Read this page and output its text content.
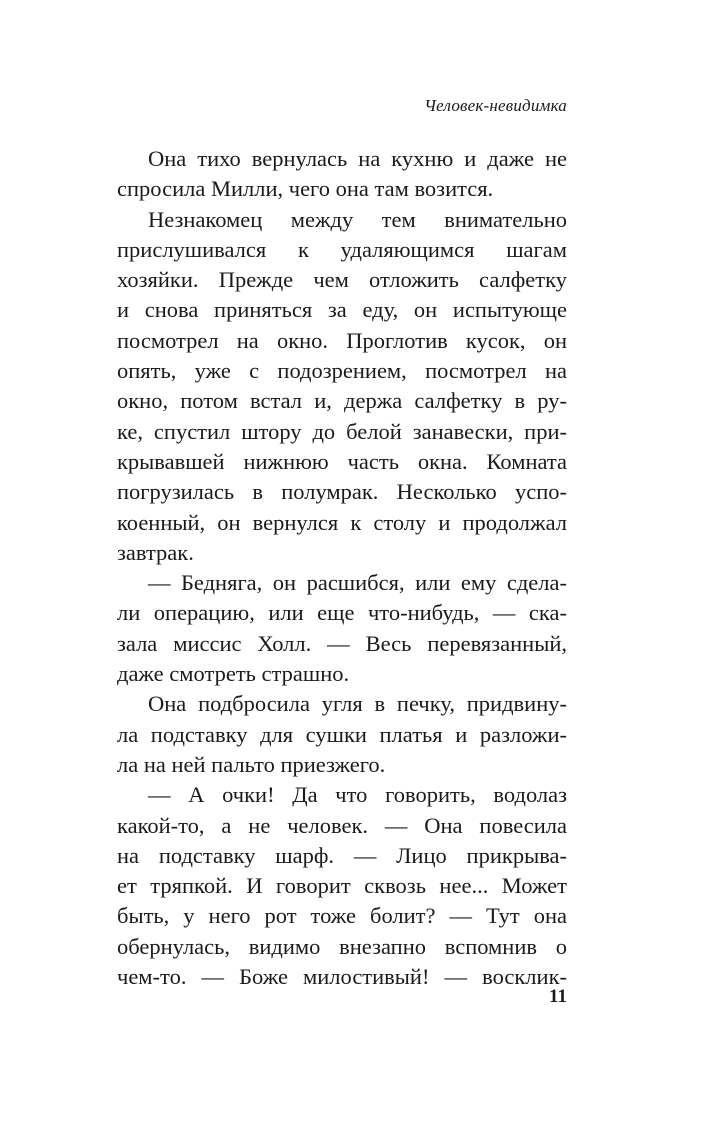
Человек-невидимка
Она тихо вернулась на кухню и даже не
спросила Милли, чего она там возится.
Незнакомец между тем внимательно
прислушивался к удаляющимся шагам
хозяйки. Прежде чем отложить салфетку
и снова приняться за еду, он испытующе
посмотрел на окно. Проглотив кусок, он
опять, уже с подозрением, посмотрел на
окно, потом встал и, держа салфетку в ру-
ке, спустил штору до белой занавески, при-
крывавшей нижнюю часть окна. Комната
погрузилась в полумрак. Несколько успо-
коенный, он вернулся к столу и продолжал
завтрак.
— Бедняга, он расшибся, или ему сдела-
ли операцию, или еще что-нибудь, — ска-
зала миссис Холл. — Весь перевязанный,
даже смотреть страшно.
Она подбросила угля в печку, придвину-
ла подставку для сушки платья и разложи-
ла на ней пальто приезжего.
— А очки! Да что говорить, водолаз
какой-то, а не человек. — Она повесила
на подставку шарф. — Лицо прикрыва-
ет тряпкой. И говорит сквозь нее... Может
быть, у него рот тоже болит? — Тут она
обернулась, видимо внезапно вспомнив о
чем-то. — Боже милостивый! — восклик-
11
